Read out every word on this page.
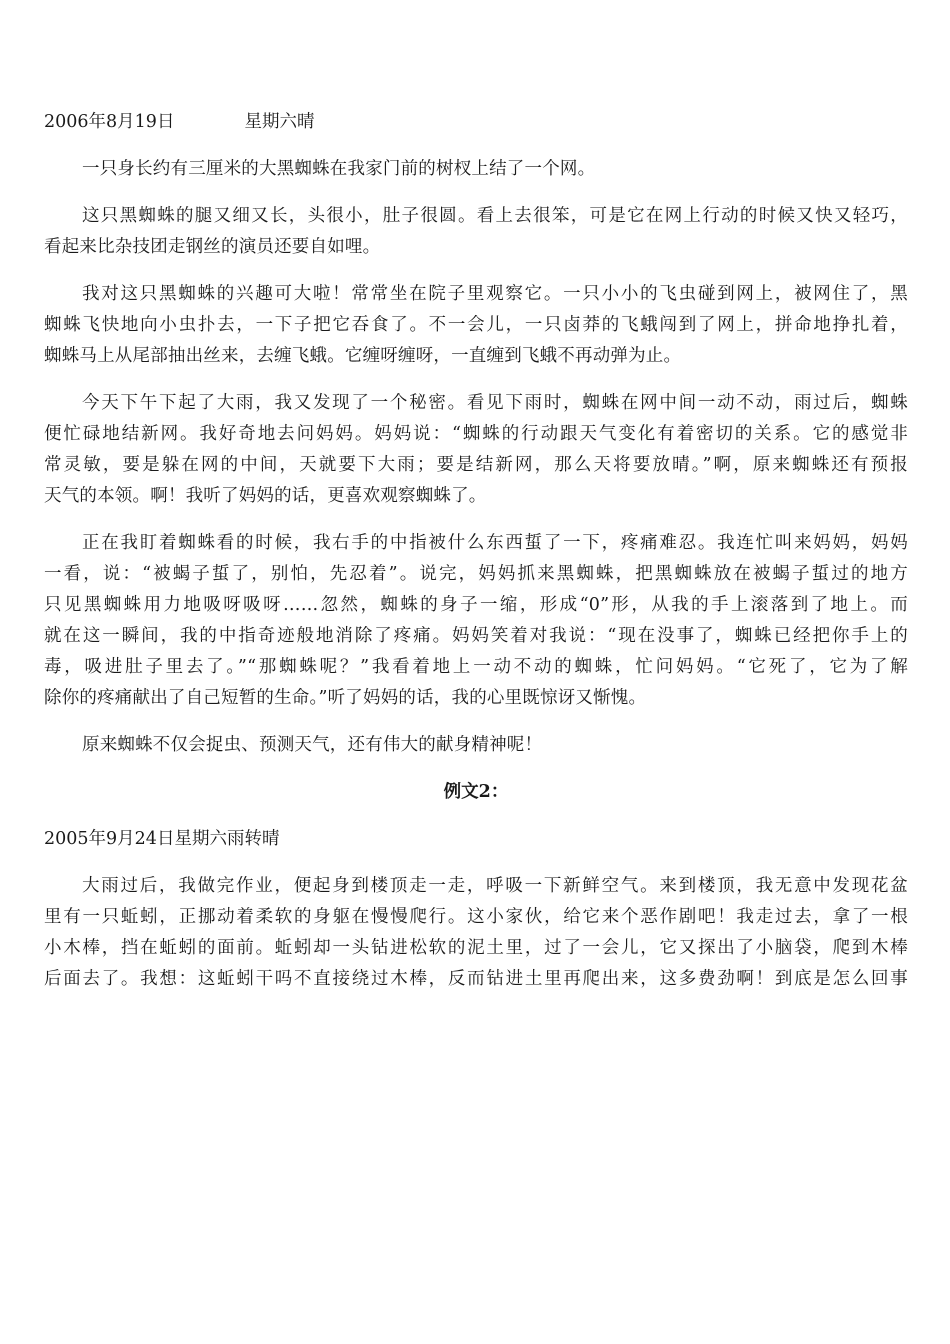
2006年8月19日	星期六晴
一只身长约有三厘米的大黑蜘蛛在我家门前的树杈上结了一个网。
这只黑蜘蛛的腿又细又长，头很小，肚子很圆。看上去很笨，可是它在网上行动的时候又快又轻巧，
看起来比杂技团走钢丝的演员还要自如哩。
我对这只黑蜘蛛的兴趣可大啦！常常坐在院子里观察它。一只小小的飞虫碰到网上，被网住了，黑
蜘蛛飞快地向小虫扑去，一下子把它吞食了。不一会儿，一只卤莽的飞蛾闯到了网上，拼命地挣扎着，
蜘蛛马上从尾部抽出丝来，去缠飞蛾。它缠呀缠呀，一直缠到飞蛾不再动弹为止。
今天下午下起了大雨，我又发现了一个秘密。看见下雨时，蜘蛛在网中间一动不动，雨过后，蜘蛛
便忙碌地结新网。我好奇地去问妈妈。妈妈说：“蜘蛛的行动跟天气变化有着密切的关系。它的感觉非
常灵敏，要是躲在网的中间，天就要下大雨；要是结新网，那么天将要放晴。”啊，原来蜘蛛还有预报
天气的本领。啊！我听了妈妈的话，更喜欢观察蜘蛛了。
正在我盯着蜘蛛看的时候，我右手的中指被什么东西蜇了一下，疼痛难忍。我连忙叫来妈妈，妈妈
一看，说：“被蝎子蜇了，别怕，先忍着”。说完，妈妈抓来黑蜘蛛，把黑蜘蛛放在被蝎子蜇过的地方
只见黑蜘蛛用力地吸呀吸呀……忽然，蜘蛛的身子一缩，形成“0”形，从我的手上滚落到了地上。而
就在这一瞬间，我的中指奇迹般地消除了疼痛。妈妈笑着对我说：“现在没事了，蜘蛛已经把你手上的
毒，吸进肚子里去了。”“那蜘蛛呢？”我看着地上一动不动的蜘蛛，忙问妈妈。“它死了，它为了解
除你的疼痛献出了自己短暂的生命。”听了妈妈的话，我的心里既惊讶又惭愧。
原来蜘蛛不仅会捉虫、预测天气，还有伟大的献身精神呢！
例文2：
2005年9月24日星期六雨转晴
大雨过后，我做完作业，便起身到楼顶走一走，呼吸一下新鲜空气。来到楼顶，我无意中发现花盆
里有一只蚯蚓，正挪动着柔软的身躯在慢慢爬行。这小家伙，给它来个恶作剧吧！我走过去，拿了一根
小木棒，挡在蚯蚓的面前。蚯蚓却一头钻进松软的泥土里，过了一会儿，它又探出了小脑袋，爬到木棒
后面去了。我想：这蚯蚓干吗不直接绕过木棒，反而钻进土里再爬出来，这多费劲啊！到底是怎么回事
